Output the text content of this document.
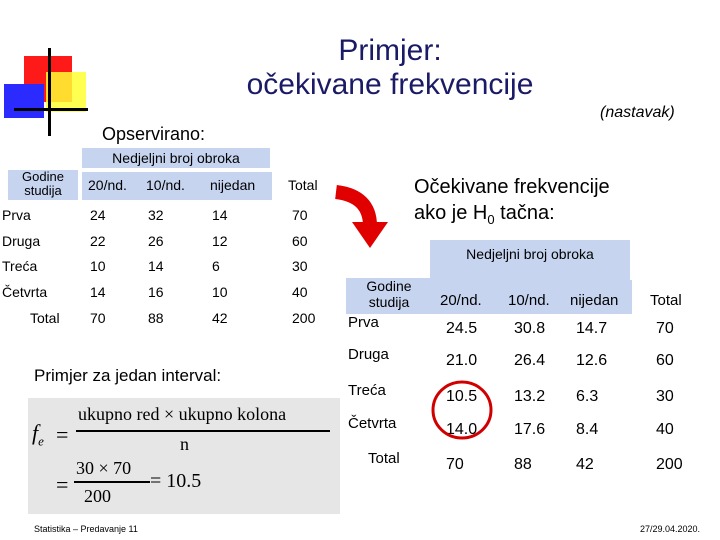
Primjer:
očekivane frekvencije
(nastavak)
Opservirano:
Nedjeljni broj obroka
Godine studija	20/nd. 10/nd. nijedan Total
Prva	24	32	14	70
Druga	22	26	12	60
Treća	10	14	6	30
Četvrta	14	16	10	40
Total 70	88	42	200
Očekivane frekvencije
ako je $H_0$ tačna:
Nedjeljni broj obroka
Godine studija	20/nd. 10/nd. nijedan Total
Prva	24.5 30.8 14.7	70
Druga	21.0 26.4 12.6	60
Treća	10.5 13.2 6.3	30
Četvrta	14.0 17.6 8.4	40
Total	70	88	42	200
Primjer za jedan interval:
$f_e$ =
ukupno red × ukupno kolona
n
=
30 × 70
200
= 10.5
Statistika – Predavanje 11	27/29.04.2020.
